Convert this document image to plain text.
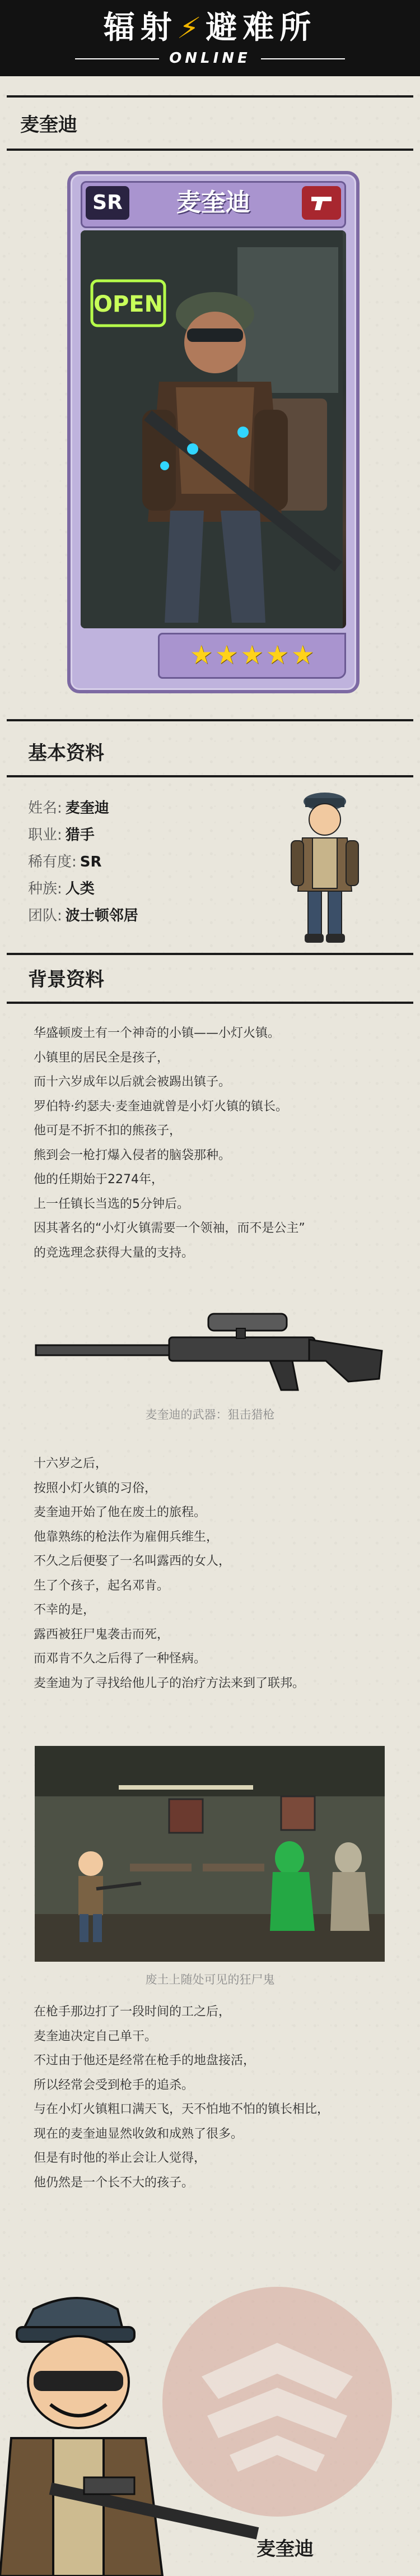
辐射⚡避难所
ONLINE
麦奎迪
SR	麦奎迪
OPEN
★★★★★
基本资料
姓名: 麦奎迪
职业: 猎手
稀有度: SR
种族: 人类
团队: 波士顿邻居
背景资料

华盛顿废土有一个神奇的小镇——小灯火镇。

小镇里的居民全是孩子，

而十六岁成年以后就会被踢出镇子。

罗伯特·约瑟夫·麦奎迪就曾是小灯火镇的镇长。

他可是不折不扣的熊孩子，

熊到会一枪打爆入侵者的脑袋那种。

他的任期始于2274年，

上一任镇长当选的5分钟后。

因其著名的“小灯火镇需要一个领袖，而不是公主”

的竞选理念获得大量的支持。

麦奎迪的武器：狙击猎枪

十六岁之后，

按照小灯火镇的习俗，

麦奎迪开始了他在废土的旅程。

他靠熟练的枪法作为雇佣兵维生，

不久之后便娶了一名叫露西的女人，

生了个孩子，起名邓肯。

不幸的是，

露西被狂尸鬼袭击而死，

而邓肯不久之后得了一种怪病。

麦奎迪为了寻找给他儿子的治疗方法来到了联邦。

废土上随处可见的狂尸鬼

在枪手那边打了一段时间的工之后，

麦奎迪决定自己单干。

不过由于他还是经常在枪手的地盘接活，

所以经常会受到枪手的追杀。

与在小灯火镇粗口满天飞，天不怕地不怕的镇长相比，

现在的麦奎迪显然收敛和成熟了很多。

但是有时他的举止会让人觉得，

他仍然是一个长不大的孩子。

麦奎迪
